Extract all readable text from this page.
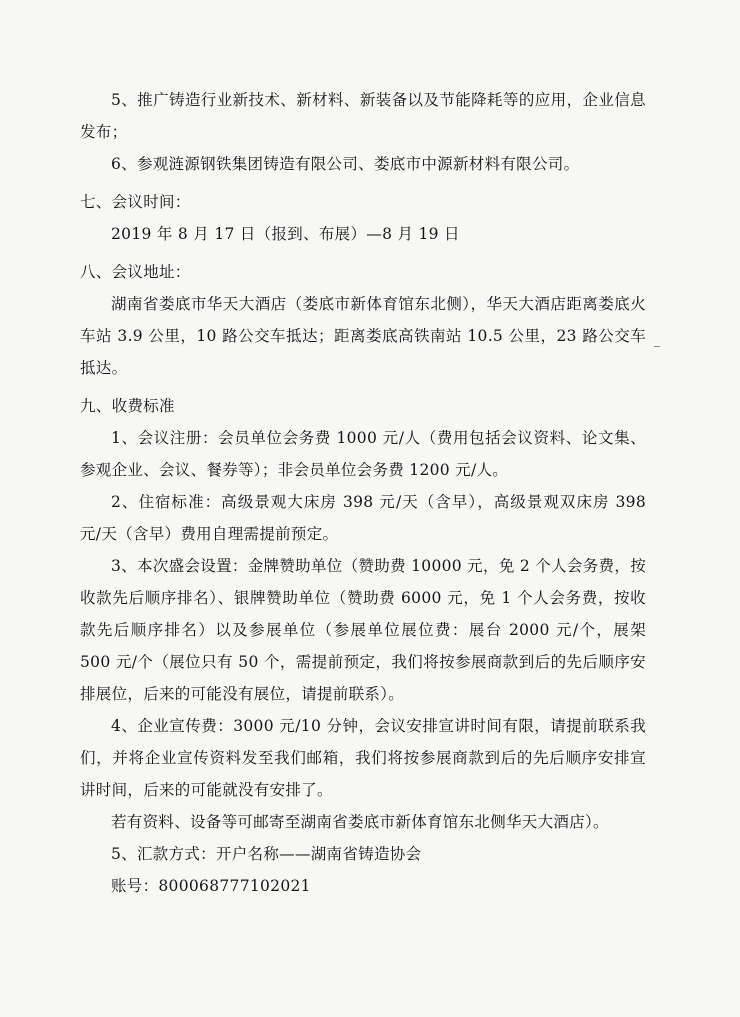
5、推广铸造行业新技术、新材料、新装备以及节能降耗等的应用，企业信息发布；

6、参观涟源钢铁集团铸造有限公司、娄底市中源新材料有限公司。

七、会议时间：

2019 年 8 月 17 日（报到、布展）—8 月 19 日

八、会议地址：

湖南省娄底市华天大酒店（娄底市新体育馆东北侧），华天大酒店距离娄底火车站 3.9 公里，10 路公交车抵达；距离娄底高铁南站 10.5 公里，23 路公交车抵达。

九、收费标准

1、会议注册：会员单位会务费 1000 元/人（费用包括会议资料、论文集、参观企业、会议、餐券等）；非会员单位会务费 1200 元/人。

2、住宿标准：高级景观大床房 398 元/天（含早），高级景观双床房 398 元/天（含早）费用自理需提前预定。

3、本次盛会设置：金牌赞助单位（赞助费 10000 元，免 2 个人会务费，按收款先后顺序排名）、银牌赞助单位（赞助费 6000 元，免 1 个人会务费，按收款先后顺序排名）以及参展单位（参展单位展位费：展台 2000 元/个，展架 500 元/个（展位只有 50 个，需提前预定，我们将按参展商款到后的先后顺序安排展位，后来的可能没有展位，请提前联系）。

4、企业宣传费：3000 元/10 分钟，会议安排宣讲时间有限，请提前联系我们，并将企业宣传资料发至我们邮箱，我们将按参展商款到后的先后顺序安排宣讲时间，后来的可能就没有安排了。

若有资料、设备等可邮寄至湖南省娄底市新体育馆东北侧华天大酒店）。

5、汇款方式：开户名称——湖南省铸造协会

账号：800068777102021
